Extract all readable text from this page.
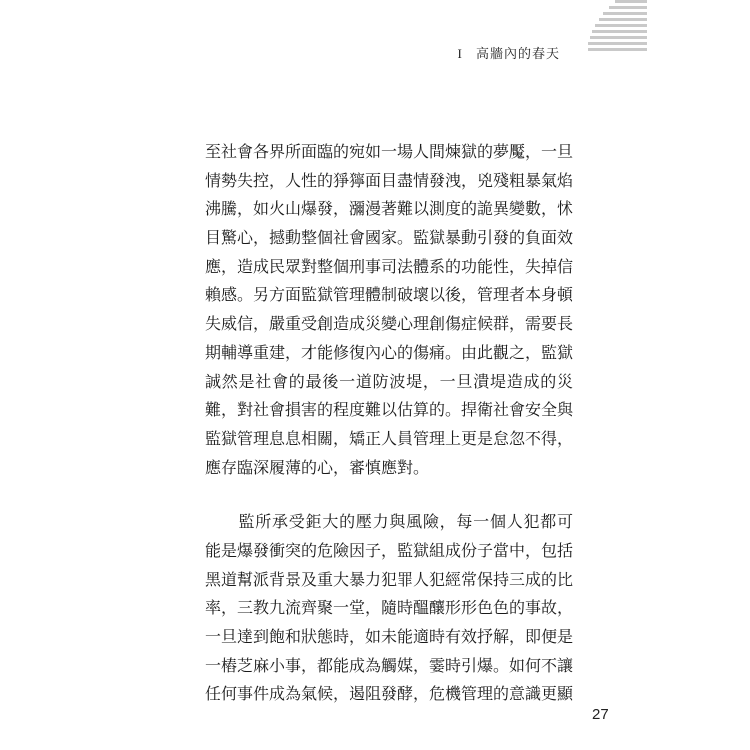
I 高牆內的春天

至社會各界所面臨的宛如一場人間煉獄的夢魘，一旦
情勢失控，人性的猙獰面目盡情發洩，兇殘粗暴氣焰
沸騰，如火山爆發，瀰漫著難以測度的詭異變數，怵
目驚心，撼動整個社會國家。監獄暴動引發的負面效
應，造成民眾對整個刑事司法體系的功能性，失掉信
賴感。另方面監獄管理體制破壞以後，管理者本身頓
失威信，嚴重受創造成災變心理創傷症候群，需要長
期輔導重建，才能修復內心的傷痛。由此觀之，監獄
誠然是社會的最後一道防波堤，一旦潰堤造成的災
難，對社會損害的程度難以估算的。捍衛社會安全與
監獄管理息息相關，矯正人員管理上更是怠忽不得，
應存臨深履薄的心，審慎應對。

　　監所承受鉅大的壓力與風險，每一個人犯都可
能是爆發衝突的危險因子，監獄組成份子當中，包括
黑道幫派背景及重大暴力犯罪人犯經常保持三成的比
率，三教九流齊聚一堂，隨時醞釀形形色色的事故，
一旦達到飽和狀態時，如未能適時有效抒解，即便是
一樁芝麻小事，都能成為觸媒，霎時引爆。如何不讓
任何事件成為氣候，遏阻發酵，危機管理的意識更顯

27
